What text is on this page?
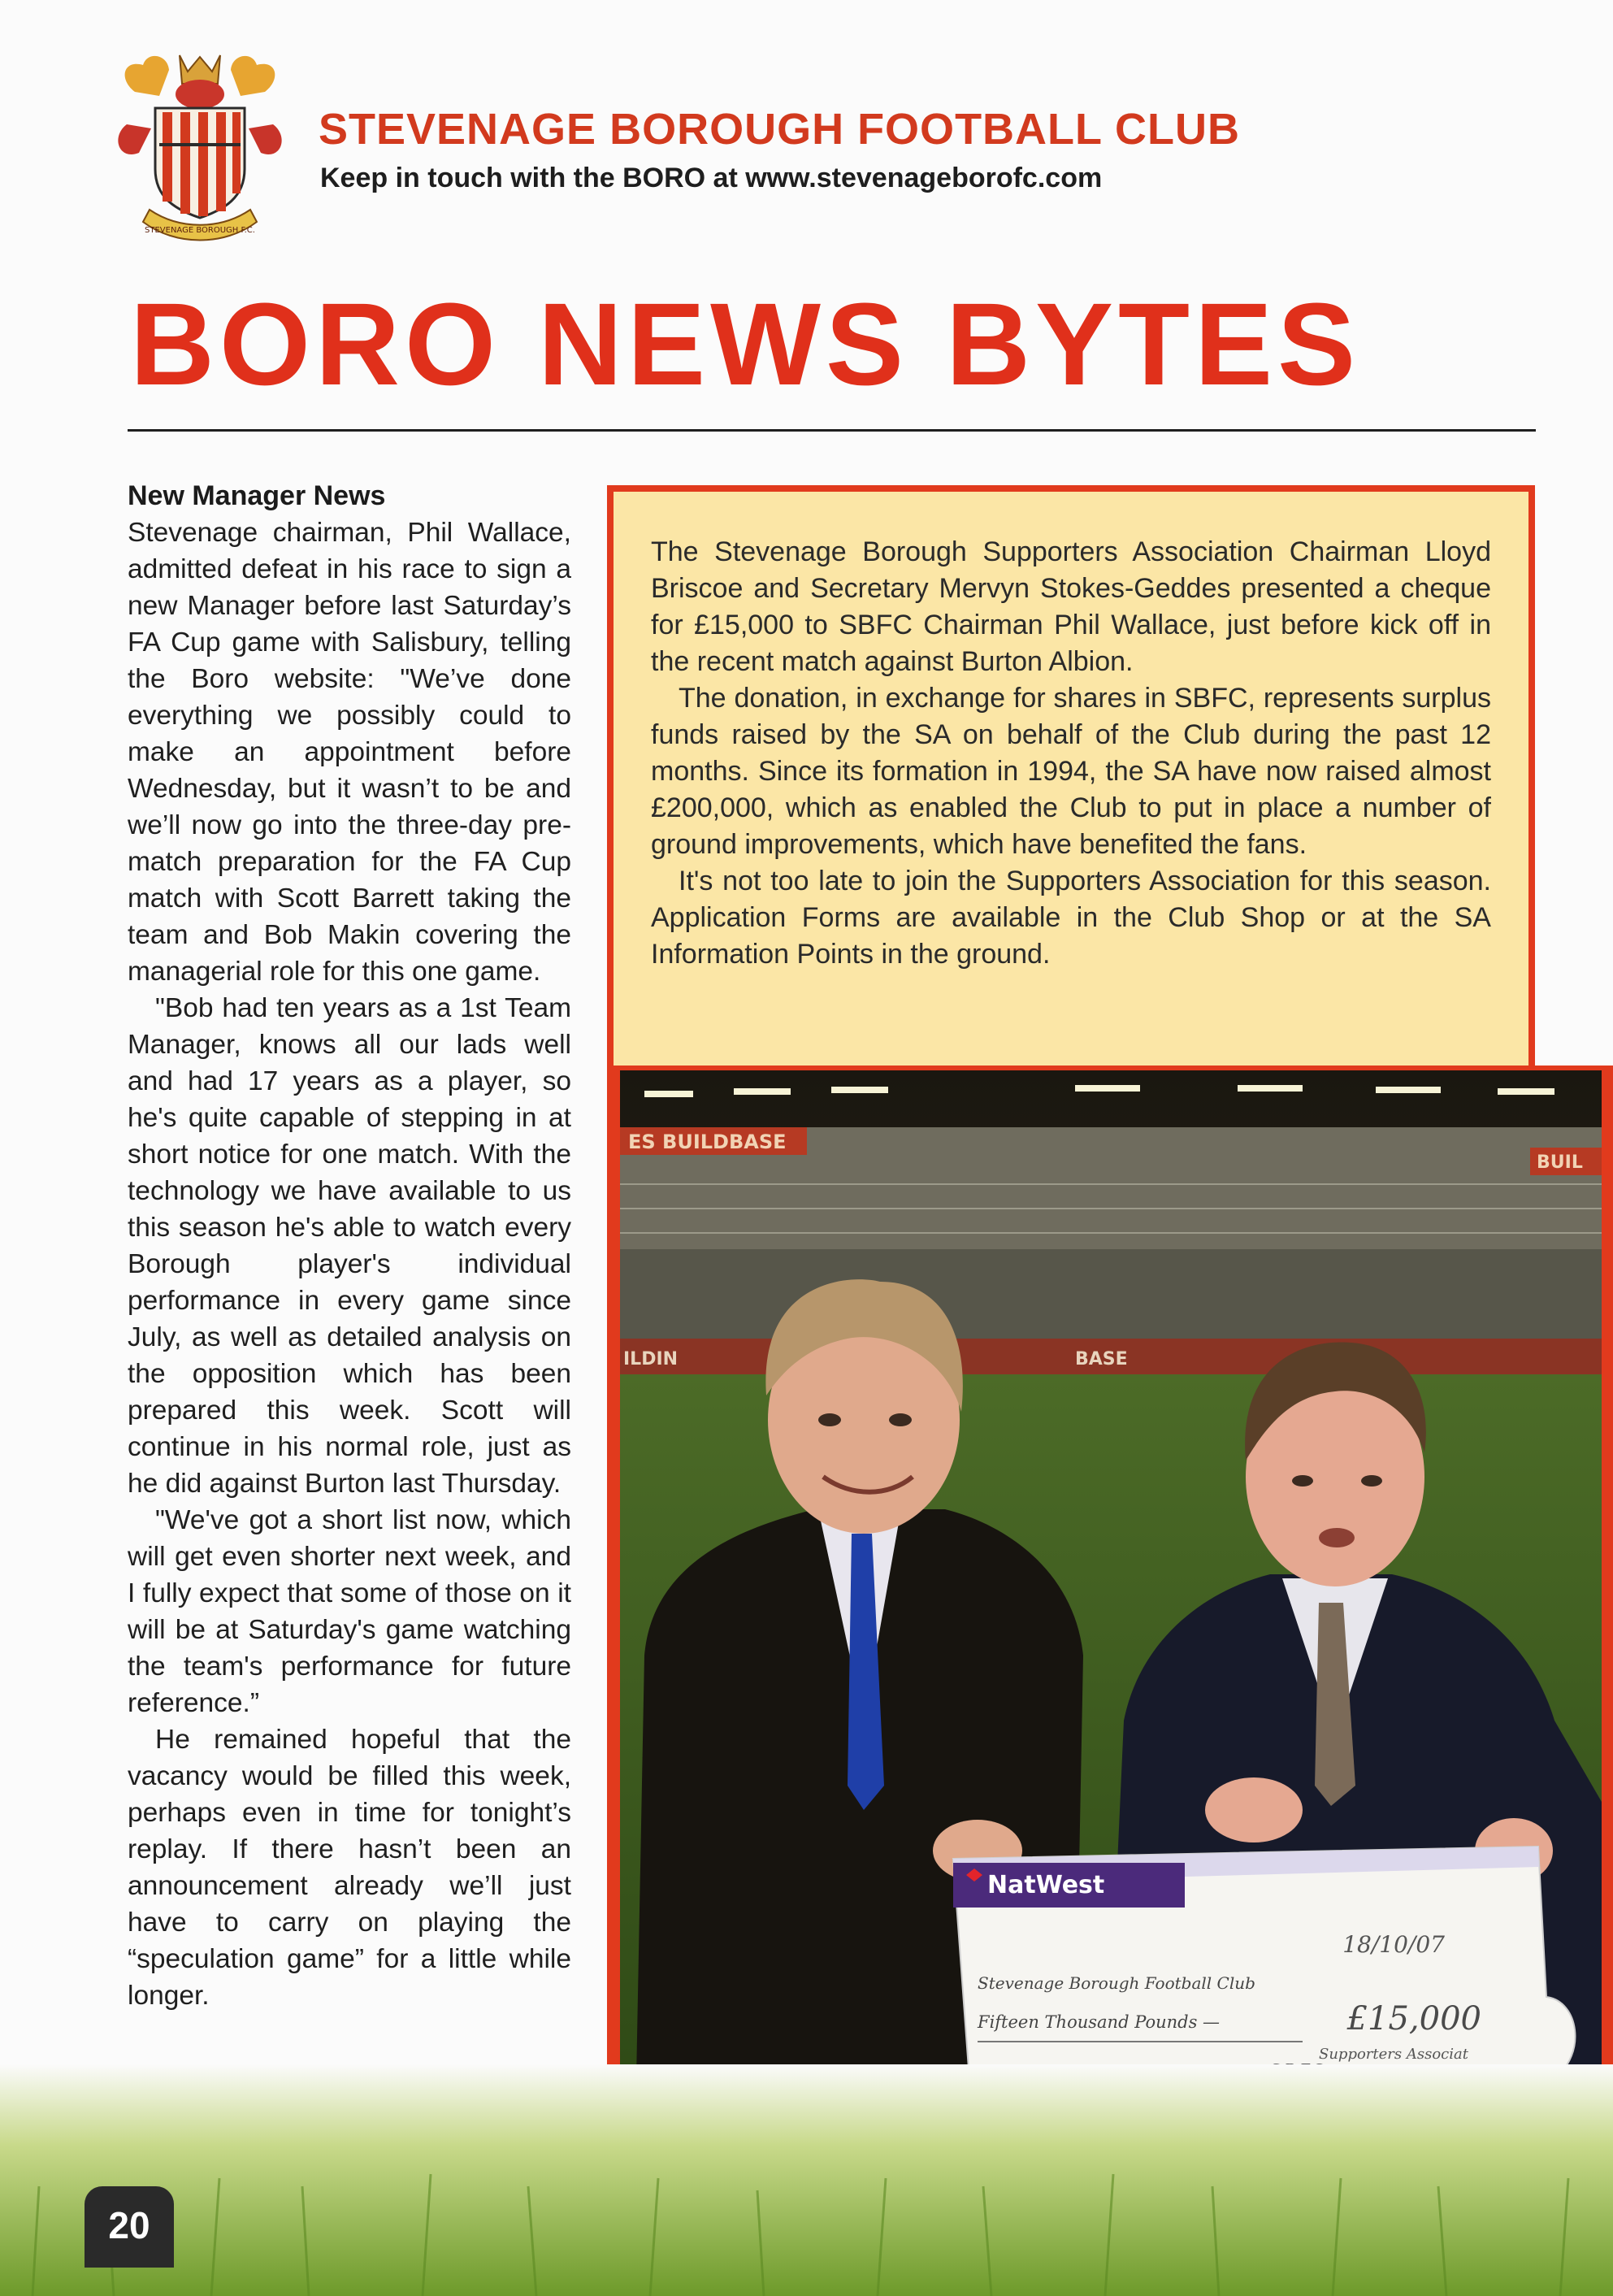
STEVENAGE BOROUGH F.C.
STEVENAGE BOROUGH FOOTBALL CLUB

Keep in touch with the BORO at www.stevenageborofc.com

BORO NEWS BYTES
New Manager News

Stevenage chairman, Phil Wallace, admitted defeat in his race to sign a new Manager before last Saturday’s FA Cup game with Salisbury, telling the Boro website: "We’ve done everything we possibly could to make an appointment before Wednesday, but it wasn’t to be and we’ll now go into the three-day pre-match preparation for the FA Cup match with Scott Barrett taking the team and Bob Makin covering the managerial role for this one game.

"Bob had ten years as a 1st Team Manager, knows all our lads well and had 17 years as a player, so he's quite capable of stepping in at short notice for one match. With the technology we have available to us this season he's able to watch every Borough player's individual performance in every game since July, as well as detailed analysis on the opposition which has been prepared this week. Scott will continue in his normal role, just as he did against Burton last Thursday.

"We've got a short list now, which will get even shorter next week, and I fully expect that some of those on it will be at Saturday's game watching the team's performance for future reference.”

He remained hopeful that the vacancy would be filled this week, perhaps even in time for tonight’s replay. If there hasn’t been an announcement already we’ll just have to carry on playing the “speculation game” for a little while longer.

The Stevenage Borough Supporters Association Chairman Lloyd Briscoe and Secretary Mervyn Stokes-Geddes presented a cheque for £15,000 to SBFC Chairman Phil Wallace, just before kick off in the recent match against Burton Albion.

The donation, in exchange for shares in SBFC, represents surplus funds raised by the SA on behalf of the Club during the past 12 months. Since its formation in 1994, the SA have now raised almost £200,000, which as enabled the Club to put in place a number of ground improvements, which have benefited the fans.

It's not too late to join the Supporters Association for this season. Application Forms are available in the Club Shop or at the SA Information Points in the ground.

ES BUILDBASE
BUIL
ILDIN	BASE
NatWest
18/10/07
Stevenage Borough Football Club
Fifteen Thousand Pounds —	£15,000
Supporters Associat
20
